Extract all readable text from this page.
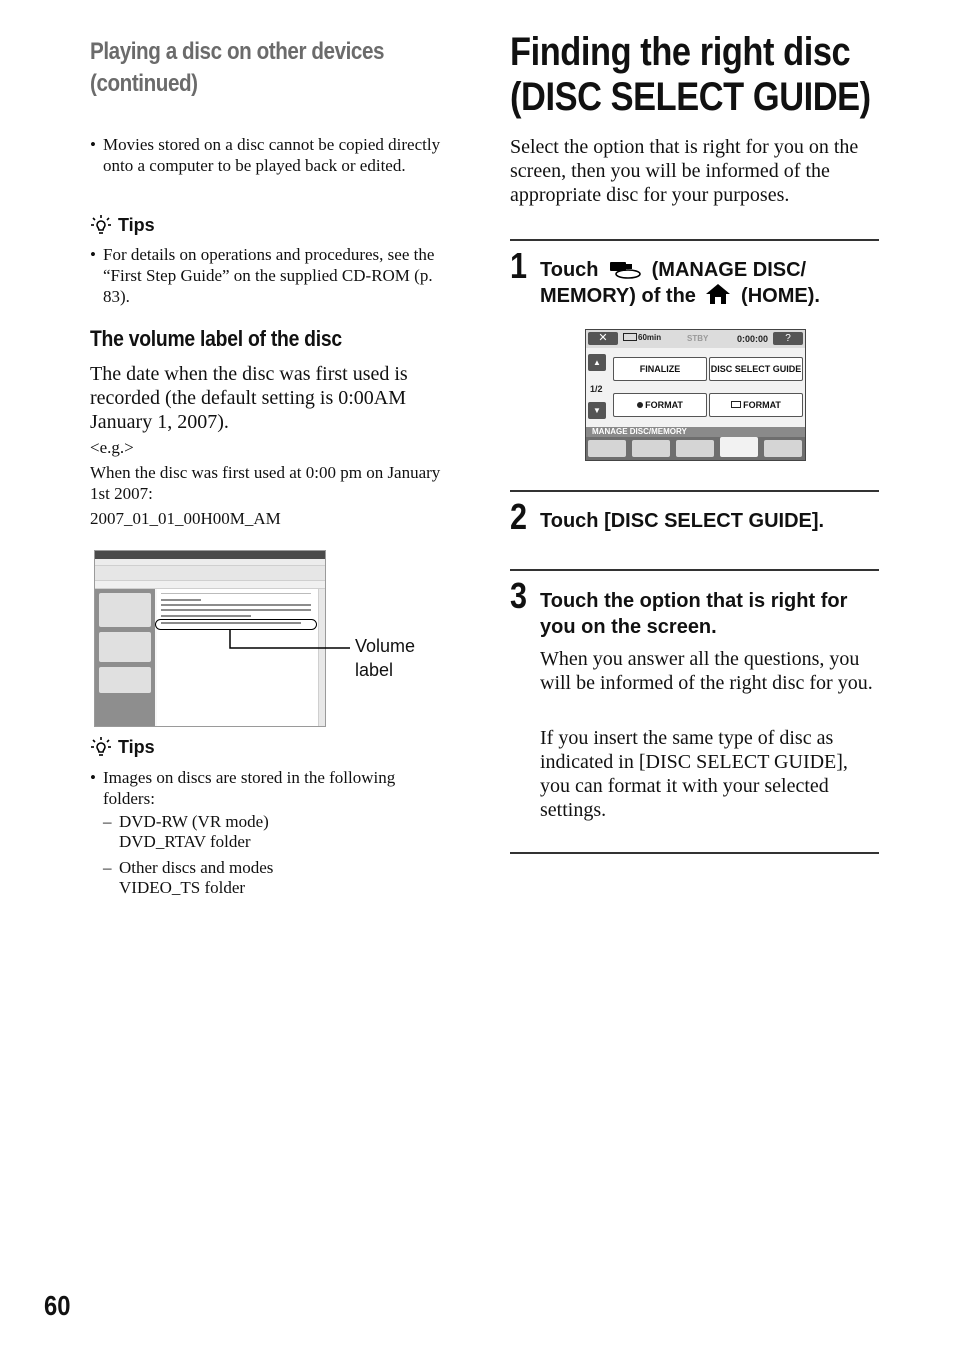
Playing a disc on other devices (continued)
• Movies stored on a disc cannot be copied directly onto a computer to be played back or edited.
Tips
• For details on operations and procedures, see the “First Step Guide” on the supplied CD-ROM (p. 83).
The volume label of the disc
The date when the disc was first used is recorded (the default setting is 0:00AM January 1, 2007).
<e.g.>
When the disc was first used at 0:00 pm on January 1st 2007:
2007_01_01_00H00M_AM
Volume label
Tips
• Images on discs are stored in the following folders:
– DVD-RW (VR mode)
DVD_RTAV folder
– Other discs and modes
VIDEO_TS folder
60
Finding the right disc (DISC SELECT GUIDE)
Select the option that is right for you on the screen, then you will be informed of the appropriate disc for your purposes.
1 Touch	(MANAGE DISC/ MEMORY) of the (HOME).
✕	60min	STBY	0:00:00	?
▲
1/2
▼
FINALIZE	DISC SELECT GUIDE
FORMAT	FORMAT
MANAGE DISC/MEMORY
2 Touch [DISC SELECT GUIDE].
3 Touch the option that is right for you on the screen.
When you answer all the questions, you will be informed of the right disc for you.
If you insert the same type of disc as indicated in [DISC SELECT GUIDE], you can format it with your selected settings.
